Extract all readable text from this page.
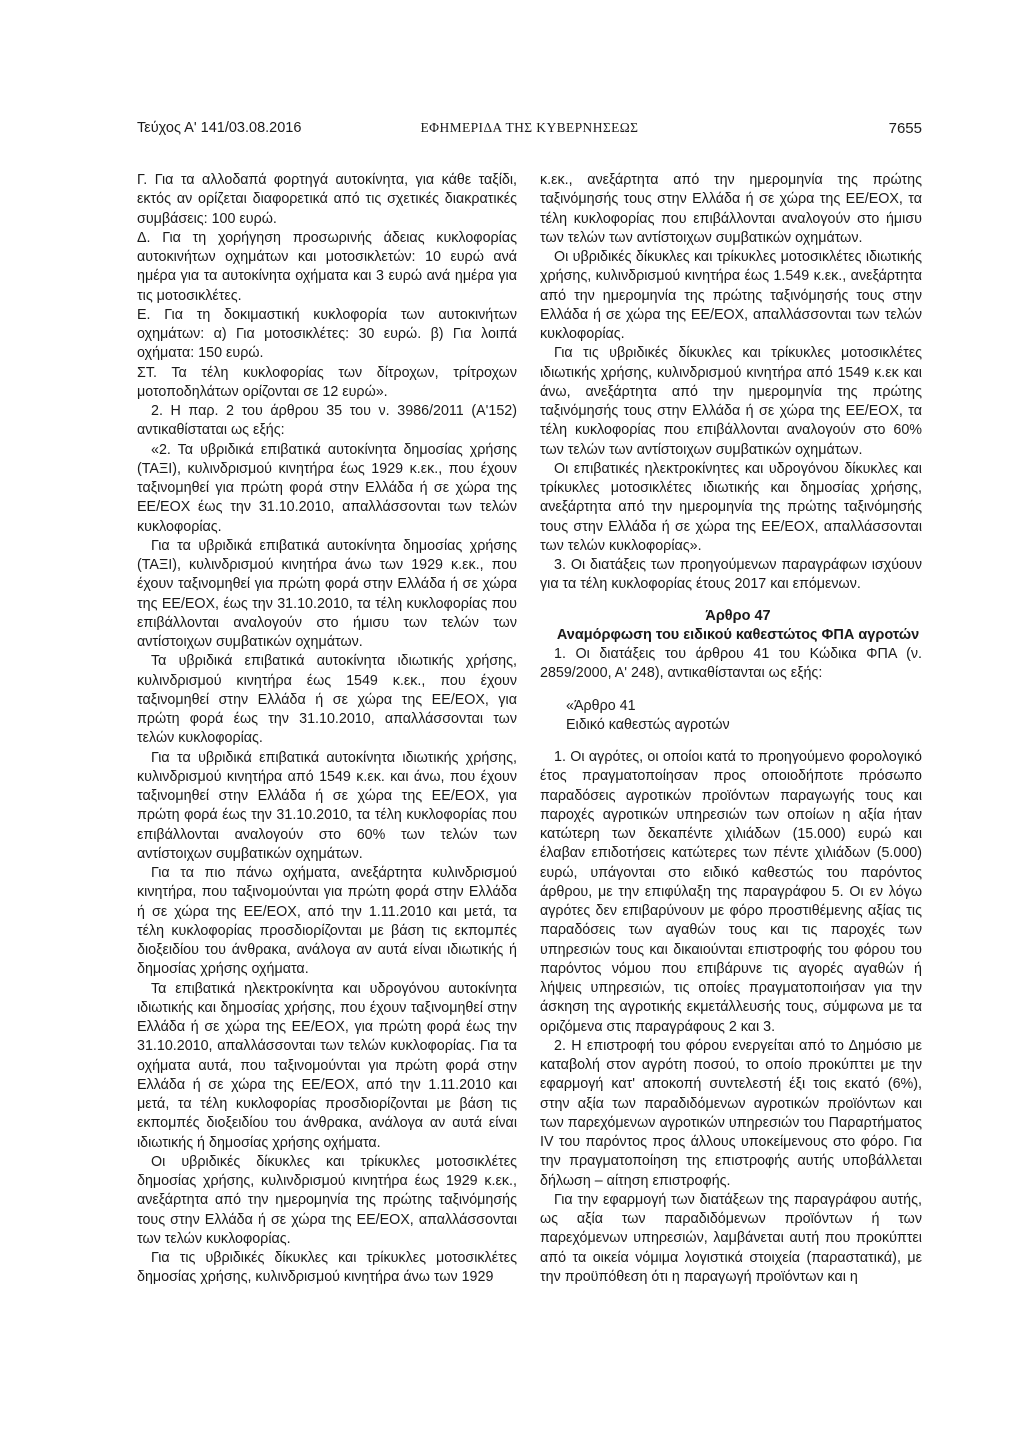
Τεύχος Α' 141/03.08.2016	ΕΦΗΜΕΡΙΔΑ ΤΗΣ ΚΥΒΕΡΝΗΣΕΩΣ	7655

Γ. Για τα αλλοδαπά φορτηγά αυτοκίνητα, για κάθε ταξίδι, εκτός αν ορίζεται διαφορετικά από τις σχετικές διακρατικές συμβάσεις: 100 ευρώ.

Δ. Για τη χορήγηση προσωρινής άδειας κυκλοφορίας αυτοκινήτων οχημάτων και μοτοσικλετών: 10 ευρώ ανά ημέρα για τα αυτοκίνητα οχήματα και 3 ευρώ ανά ημέρα για τις μοτοσικλέτες.

Ε. Για τη δοκιμαστική κυκλοφορία των αυτοκινήτων οχημάτων: α) Για μοτοσικλέτες: 30 ευρώ. β) Για λοιπά οχήματα: 150 ευρώ.

ΣΤ. Τα τέλη κυκλοφορίας των δίτροχων, τρίτροχων μοτοποδηλάτων ορίζονται σε 12 ευρώ».

2. Η παρ. 2 του άρθρου 35 του ν. 3986/2011 (Α'152) αντικαθίσταται ως εξής:

«2. Τα υβριδικά επιβατικά αυτοκίνητα δημοσίας χρήσης (ΤΑΞΙ), κυλινδρισμού κινητήρα έως 1929 κ.εκ., που έχουν ταξινομηθεί για πρώτη φορά στην Ελλάδα ή σε χώρα της ΕΕ/ΕΟΧ έως την 31.10.2010, απαλλάσσονται των τελών κυκλοφορίας.

Για τα υβριδικά επιβατικά αυτοκίνητα δημοσίας χρήσης (ΤΑΞΙ), κυλινδρισμού κινητήρα άνω των 1929 κ.εκ., που έχουν ταξινομηθεί για πρώτη φορά στην Ελλάδα ή σε χώρα της ΕΕ/ΕΟΧ, έως την 31.10.2010, τα τέλη κυκλοφορίας που επιβάλλονται αναλογούν στο ήμισυ των τελών των αντίστοιχων συμβατικών οχημάτων.

Τα υβριδικά επιβατικά αυτοκίνητα ιδιωτικής χρήσης, κυλινδρισμού κινητήρα έως 1549 κ.εκ., που έχουν ταξινομηθεί στην Ελλάδα ή σε χώρα της ΕΕ/ΕΟΧ, για πρώτη φορά έως την 31.10.2010, απαλλάσσονται των τελών κυκλοφορίας.

Για τα υβριδικά επιβατικά αυτοκίνητα ιδιωτικής χρήσης, κυλινδρισμού κινητήρα από 1549 κ.εκ. και άνω, που έχουν ταξινομηθεί στην Ελλάδα ή σε χώρα της ΕΕ/ΕΟΧ, για πρώτη φορά έως την 31.10.2010, τα τέλη κυκλοφορίας που επιβάλλονται αναλογούν στο 60% των τελών των αντίστοιχων συμβατικών οχημάτων.

Για τα πιο πάνω οχήματα, ανεξάρτητα κυλινδρισμού κινητήρα, που ταξινομούνται για πρώτη φορά στην Ελλάδα ή σε χώρα της ΕΕ/ΕΟΧ, από την 1.11.2010 και μετά, τα τέλη κυκλοφορίας προσδιορίζονται με βάση τις εκπομπές διοξειδίου του άνθρακα, ανάλογα αν αυτά είναι ιδιωτικής ή δημοσίας χρήσης οχήματα.

Τα επιβατικά ηλεκτροκίνητα και υδρογόνου αυτοκίνητα ιδιωτικής και δημοσίας χρήσης, που έχουν ταξινομηθεί στην Ελλάδα ή σε χώρα της ΕΕ/ΕΟΧ, για πρώτη φορά έως την 31.10.2010, απαλλάσσονται των τελών κυκλοφορίας. Για τα οχήματα αυτά, που ταξινομούνται για πρώτη φορά στην Ελλάδα ή σε χώρα της ΕΕ/ΕΟΧ, από την 1.11.2010 και μετά, τα τέλη κυκλοφορίας προσδιορίζονται με βάση τις εκπομπές διοξειδίου του άνθρακα, ανάλογα αν αυτά είναι ιδιωτικής ή δημοσίας χρήσης οχήματα.

Οι υβριδικές δίκυκλες και τρίκυκλες μοτοσικλέτες δημοσίας χρήσης, κυλινδρισμού κινητήρα έως 1929 κ.εκ., ανεξάρτητα από την ημερομηνία της πρώτης ταξινόμησής τους στην Ελλάδα ή σε χώρα της ΕΕ/ΕΟΧ, απαλλάσσονται των τελών κυκλοφορίας.

Για τις υβριδικές δίκυκλες και τρίκυκλες μοτοσικλέτες δημοσίας χρήσης, κυλινδρισμού κινητήρα άνω των 1929

κ.εκ., ανεξάρτητα από την ημερομηνία της πρώτης ταξινόμησής τους στην Ελλάδα ή σε χώρα της ΕΕ/ΕΟΧ, τα τέλη κυκλοφορίας που επιβάλλονται αναλογούν στο ήμισυ των τελών των αντίστοιχων συμβατικών οχημάτων.

Οι υβριδικές δίκυκλες και τρίκυκλες μοτοσικλέτες ιδιωτικής χρήσης, κυλινδρισμού κινητήρα έως 1.549 κ.εκ., ανεξάρτητα από την ημερομηνία της πρώτης ταξινόμησής τους στην Ελλάδα ή σε χώρα της ΕΕ/ΕΟΧ, απαλλάσσονται των τελών κυκλοφορίας.

Για τις υβριδικές δίκυκλες και τρίκυκλες μοτοσικλέτες ιδιωτικής χρήσης, κυλινδρισμού κινητήρα από 1549 κ.εκ και άνω, ανεξάρτητα από την ημερομηνία της πρώτης ταξινόμησής τους στην Ελλάδα ή σε χώρα της ΕΕ/ΕΟΧ, τα τέλη κυκλοφορίας που επιβάλλονται αναλογούν στο 60% των τελών των αντίστοιχων συμβατικών οχημάτων.

Οι επιβατικές ηλεκτροκίνητες και υδρογόνου δίκυκλες και τρίκυκλες μοτοσικλέτες ιδιωτικής και δημοσίας χρήσης, ανεξάρτητα από την ημερομηνία της πρώτης ταξινόμησής τους στην Ελλάδα ή σε χώρα της ΕΕ/ΕΟΧ, απαλλάσσονται των τελών κυκλοφορίας».

3. Οι διατάξεις των προηγούμενων παραγράφων ισχύουν για τα τέλη κυκλοφορίας έτους 2017 και επόμενων.

Άρθρο 47

Αναμόρφωση του ειδικού καθεστώτος ΦΠΑ αγροτών

1. Οι διατάξεις του άρθρου 41 του Κώδικα ΦΠΑ (ν. 2859/2000, Α' 248), αντικαθίστανται ως εξής:

«Άρθρο 41

Ειδικό καθεστώς αγροτών

1. Οι αγρότες, οι οποίοι κατά το προηγούμενο φορολογικό έτος πραγματοποίησαν προς οποιοδήποτε πρόσωπο παραδόσεις αγροτικών προϊόντων παραγωγής τους και παροχές αγροτικών υπηρεσιών των οποίων η αξία ήταν κατώτερη των δεκαπέντε χιλιάδων (15.000) ευρώ και έλαβαν επιδοτήσεις κατώτερες των πέντε χιλιάδων (5.000) ευρώ, υπάγονται στο ειδικό καθεστώς του παρόντος άρθρου, με την επιφύλαξη της παραγράφου 5. Οι εν λόγω αγρότες δεν επιβαρύνουν με φόρο προστιθέμενης αξίας τις παραδόσεις των αγαθών τους και τις παροχές των υπηρεσιών τους και δικαιούνται επιστροφής του φόρου του παρόντος νόμου που επιβάρυνε τις αγορές αγαθών ή λήψεις υπηρεσιών, τις οποίες πραγματοποιήσαν για την άσκηση της αγροτικής εκμετάλλευσής τους, σύμφωνα με τα οριζόμενα στις παραγράφους 2 και 3.

2. Η επιστροφή του φόρου ενεργείται από το Δημόσιο με καταβολή στον αγρότη ποσού, το οποίο προκύπτει με την εφαρμογή κατ' αποκοπή συντελεστή έξι τοις εκατό (6%), στην αξία των παραδιδόμενων αγροτικών προϊόντων και των παρεχόμενων αγροτικών υπηρεσιών του Παραρτήματος IV του παρόντος προς άλλους υποκείμενους στο φόρο. Για την πραγματοποίηση της επιστροφής αυτής υποβάλλεται δήλωση – αίτηση επιστροφής.

Για την εφαρμογή των διατάξεων της παραγράφου αυτής, ως αξία των παραδιδόμενων προϊόντων ή των παρεχόμενων υπηρεσιών, λαμβάνεται αυτή που προκύπτει από τα οικεία νόμιμα λογιστικά στοιχεία (παραστατικά), με την προϋπόθεση ότι η παραγωγή προϊόντων και η
